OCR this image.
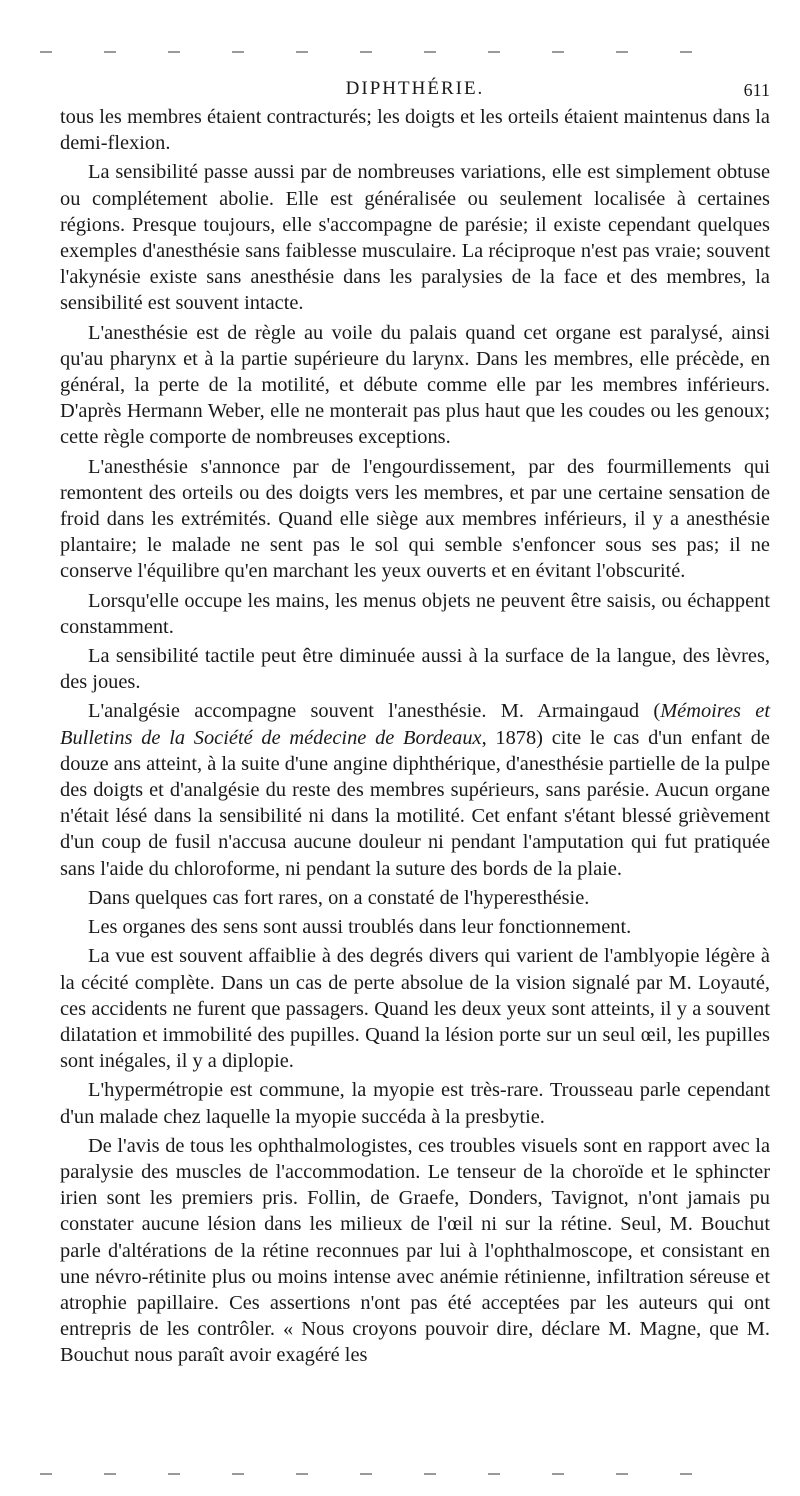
DIPHTHÉRIE.	611

tous les membres étaient contracturés; les doigts et les orteils étaient maintenus dans la demi-flexion.

La sensibilité passe aussi par de nombreuses variations, elle est simplement obtuse ou complétement abolie. Elle est généralisée ou seulement localisée à certaines régions. Presque toujours, elle s'accompagne de parésie; il existe cependant quelques exemples d'anesthésie sans faiblesse musculaire. La réciproque n'est pas vraie; souvent l'akynésie existe sans anesthésie dans les paralysies de la face et des membres, la sensibilité est souvent intacte.

L'anesthésie est de règle au voile du palais quand cet organe est paralysé, ainsi qu'au pharynx et à la partie supérieure du larynx. Dans les membres, elle précède, en général, la perte de la motilité, et débute comme elle par les membres inférieurs. D'après Hermann Weber, elle ne monterait pas plus haut que les coudes ou les genoux; cette règle comporte de nombreuses exceptions.

L'anesthésie s'annonce par de l'engourdissement, par des fourmillements qui remontent des orteils ou des doigts vers les membres, et par une certaine sensation de froid dans les extrémités. Quand elle siège aux membres inférieurs, il y a anesthésie plantaire; le malade ne sent pas le sol qui semble s'enfoncer sous ses pas; il ne conserve l'équilibre qu'en marchant les yeux ouverts et en évitant l'obscurité.

Lorsqu'elle occupe les mains, les menus objets ne peuvent être saisis, ou échappent constamment.

La sensibilité tactile peut être diminuée aussi à la surface de la langue, des lèvres, des joues.

L'analgésie accompagne souvent l'anesthésie. M. Armaingaud (Mémoires et Bulletins de la Société de médecine de Bordeaux, 1878) cite le cas d'un enfant de douze ans atteint, à la suite d'une angine diphthérique, d'anesthésie partielle de la pulpe des doigts et d'analgésie du reste des membres supérieurs, sans parésie. Aucun organe n'était lésé dans la sensibilité ni dans la motilité. Cet enfant s'étant blessé grièvement d'un coup de fusil n'accusa aucune douleur ni pendant l'amputation qui fut pratiquée sans l'aide du chloroforme, ni pendant la suture des bords de la plaie.

Dans quelques cas fort rares, on a constaté de l'hyperesthésie.

Les organes des sens sont aussi troublés dans leur fonctionnement.

La vue est souvent affaiblie à des degrés divers qui varient de l'amblyopie légère à la cécité complète. Dans un cas de perte absolue de la vision signalé par M. Loyauté, ces accidents ne furent que passagers. Quand les deux yeux sont atteints, il y a souvent dilatation et immobilité des pupilles. Quand la lésion porte sur un seul œil, les pupilles sont inégales, il y a diplopie.

L'hypermétropie est commune, la myopie est très-rare. Trousseau parle cependant d'un malade chez laquelle la myopie succéda à la presbytie.

De l'avis de tous les ophthalmologistes, ces troubles visuels sont en rapport avec la paralysie des muscles de l'accommodation. Le tenseur de la choroïde et le sphincter irien sont les premiers pris. Follin, de Graefe, Donders, Tavignot, n'ont jamais pu constater aucune lésion dans les milieux de l'œil ni sur la rétine. Seul, M. Bouchut parle d'altérations de la rétine reconnues par lui à l'ophthalmoscope, et consistant en une névro-rétinite plus ou moins intense avec anémie rétinienne, infiltration séreuse et atrophie papillaire. Ces assertions n'ont pas été acceptées par les auteurs qui ont entrepris de les contrôler. « Nous croyons pouvoir dire, déclare M. Magne, que M. Bouchut nous paraît avoir exagéré les
